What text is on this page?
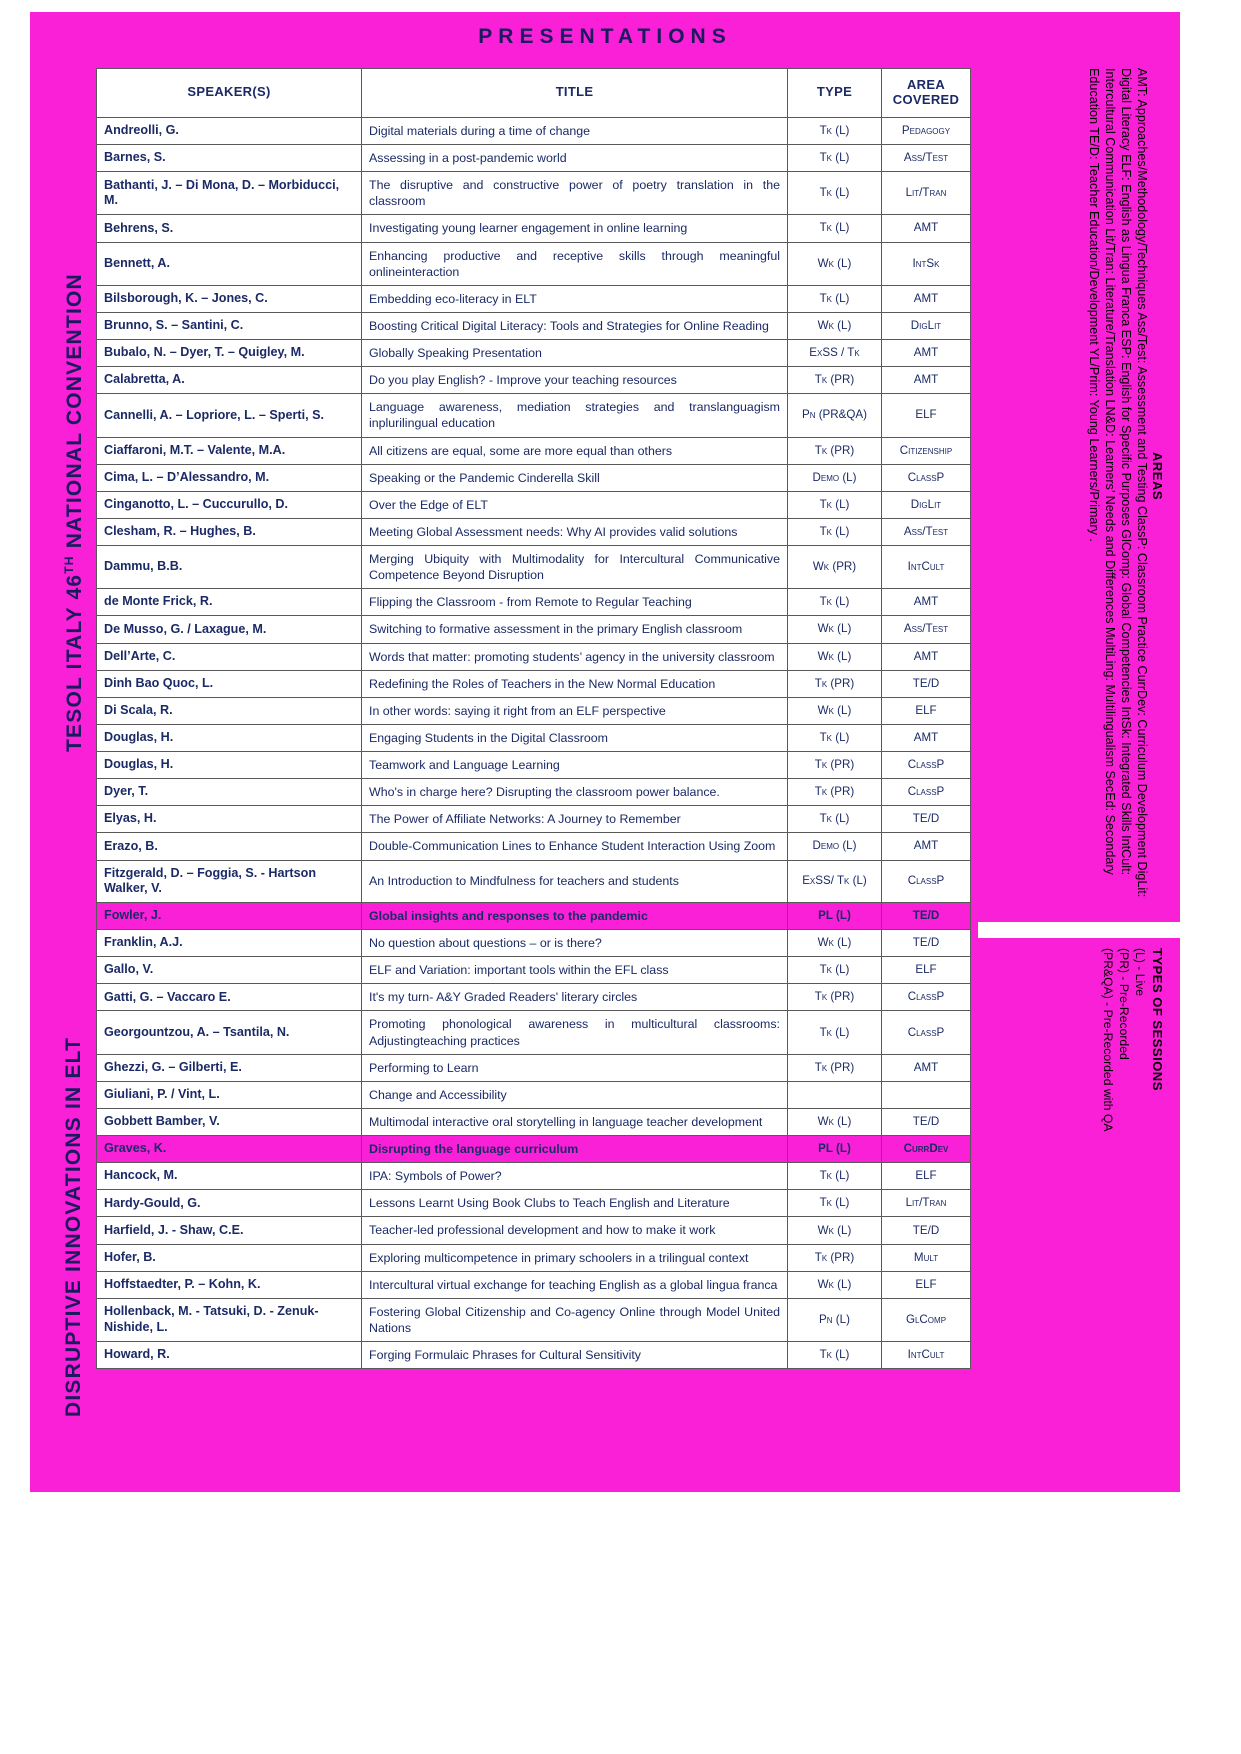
PRESENTATIONS
TESOL ITALY 46TH NATIONAL CONVENTION
DISRUPTIVE INNOVATIONS IN ELT
SPEAKER(S)	TITLE	TYPE	AREA
COVERED
Andreolli, G.	Digital materials during a time of change	Tk (L)	Pedagogy
Barnes, S.	Assessing in a post-pandemic world	Tk (L)	Ass/Test
Bathanti, J. – Di Mona, D. – Morbiducci, M.	The disruptive and constructive power of poetry translation in the classroom	Tk (L)	Lit/Tran
Behrens, S.	Investigating young learner engagement in online learning	Tk (L)	AMT
Bennett, A.	Enhancing productive and receptive skills through meaningful onlineinteraction	Wk (L)	IntSk
Bilsborough, K. – Jones, C.	Embedding eco-literacy in ELT	Tk (L)	AMT
Brunno, S. – Santini, C.	Boosting Critical Digital Literacy: Tools and Strategies for Online Reading	Wk (L)	DigLit
Bubalo, N. – Dyer, T. – Quigley, M.	Globally Speaking Presentation	ExSS / Tk	AMT
Calabretta, A.	Do you play English? - Improve your teaching resources	Tk (PR)	AMT
Cannelli, A. – Lopriore, L. – Sperti, S.	Language awareness, mediation strategies and translanguagism inplurilingual education	Pn (PR&QA)	ELF
Ciaffaroni, M.T. – Valente, M.A.	All citizens are equal, some are more equal than others	Tk (PR)	Citizenship
Cima, L. – D’Alessandro, M.	Speaking or the Pandemic Cinderella Skill	Demo (L)	ClassP
Cinganotto, L. – Cuccurullo, D.	Over the Edge of ELT	Tk (L)	DigLit
Clesham, R. – Hughes, B.	Meeting Global Assessment needs: Why AI provides valid solutions	Tk (L)	Ass/Test
Dammu, B.B.	Merging Ubiquity with Multimodality for Intercultural Communicative Competence Beyond Disruption	Wk (PR)	IntCult
de Monte Frick, R.	Flipping the Classroom - from Remote to Regular Teaching	Tk (L)	AMT
De Musso, G. / Laxague, M.	Switching to formative assessment in the primary English classroom	Wk (L)	Ass/Test
Dell’Arte, C.	Words that matter: promoting students’ agency in the university classroom	Wk (L)	AMT
Dinh Bao Quoc, L.	Redefining the Roles of Teachers in the New Normal Education	Tk (PR)	TE/D
Di Scala, R.	In other words: saying it right from an ELF perspective	Wk (L)	ELF
Douglas, H.	Engaging Students in the Digital Classroom	Tk (L)	AMT
Douglas, H.	Teamwork and Language Learning	Tk (PR)	ClassP
Dyer, T.	Who's in charge here? Disrupting the classroom power balance.	Tk (PR)	ClassP
Elyas, H.	The Power of Affiliate Networks: A Journey to Remember	Tk (L)	TE/D
Erazo, B.	Double-Communication Lines to Enhance Student Interaction Using Zoom	Demo (L)	AMT
Fitzgerald, D. – Foggia, S. - Hartson Walker, V.	An Introduction to Mindfulness for teachers and students	ExSS/ Tk (L)	ClassP
Fowler, J.	Global insights and responses to the pandemic	PL (L)	TE/D
Franklin, A.J.	No question about questions – or is there?	Wk (L)	TE/D
Gallo, V.	ELF and Variation: important tools within the EFL class	Tk (L)	ELF
Gatti, G. – Vaccaro E.	It's my turn- A&Y Graded Readers' literary circles	Tk (PR)	ClassP
Georgountzou, A. – Tsantila, N.	Promoting phonological awareness in multicultural classrooms: Adjustingteaching practices	Tk (L)	ClassP
Ghezzi, G. – Gilberti, E.	Performing to Learn	Tk (PR)	AMT
Giuliani, P. / Vint, L.	Change and Accessibility		
Gobbett Bamber, V.	Multimodal interactive oral storytelling in language teacher development	Wk (L)	TE/D
Graves, K.	Disrupting the language curriculum	PL (L)	CurrDev
Hancock, M.	IPA: Symbols of Power?	Tk (L)	ELF
Hardy-Gould, G.	Lessons Learnt Using Book Clubs to Teach English and Literature	Tk (L)	Lit/Tran
Harfield, J. - Shaw, C.E.	Teacher-led professional development and how to make it work	Wk (L)	TE/D
Hofer, B.	Exploring multicompetence in primary schoolers in a trilingual context	Tk (PR)	Mult
Hoffstaedter, P. – Kohn, K.	Intercultural virtual exchange for teaching English as a global lingua franca	Wk (L)	ELF
Hollenback, M. - Tatsuki, D. - Zenuk-Nishide, L.	Fostering Global Citizenship and Co-agency Online through Model United Nations	Pn (L)	GlComp
Howard, R.	Forging Formulaic Phrases for Cultural Sensitivity	Tk (L)	IntCult
AREAS
AMT: Approaches/Methodology/Techniques Ass/Test: Assessment and Testing ClassP: Classroom Practice CurrDev: Curriculum Development DigLit:
Digital Literacy ELF: English as Lingua Franca ESP: English for Specific Purposes GlComp: Global Competencies IntSk: Integrated Skills IntCult:
Intercultural Communication Lit/Tran: Literature/Translation LN&D: Learners’ Needs and Differences MultiLing: Multilingualism SecEd: Secondary
Education TE/D: Teacher Education/Development YL/Prim: Young Learners/Primary .
TYPES OF SESSIONS
(L) - Live
(PR) - Pre-Recorded
(PR&QA) - Pre-Recorded with QA
